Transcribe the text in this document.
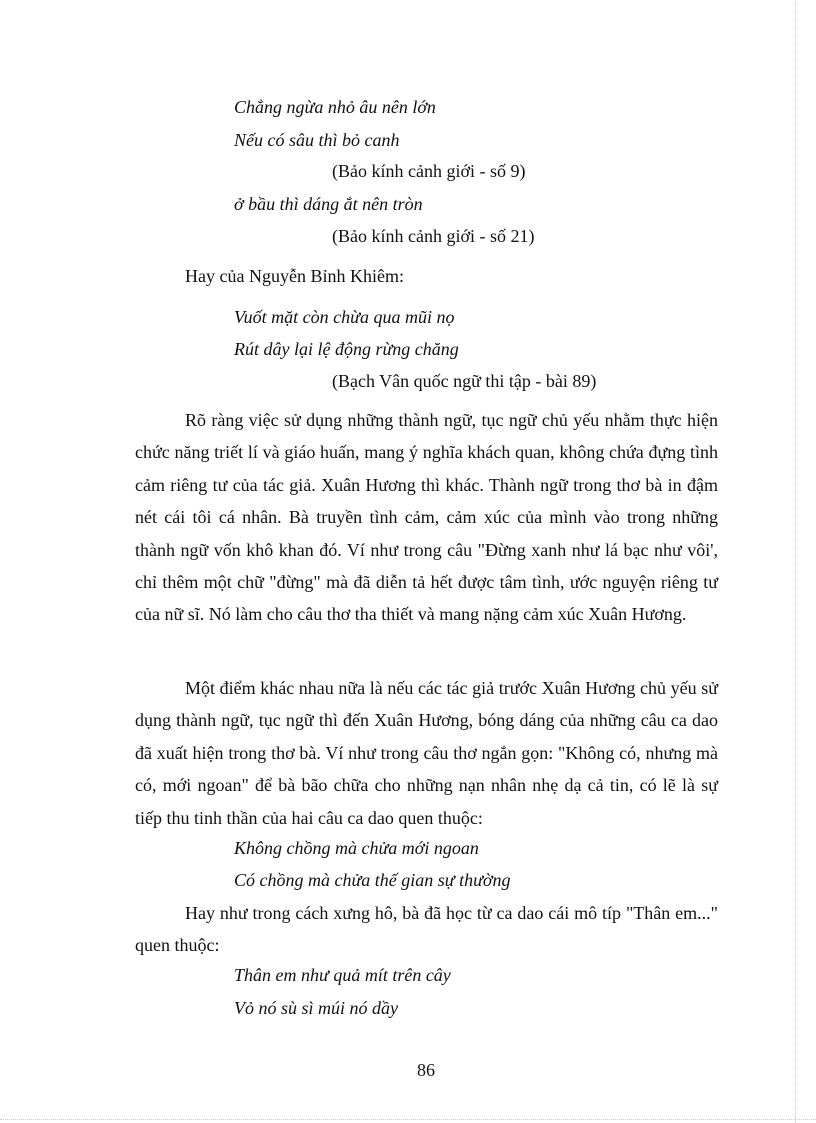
Chẳng ngừa nhỏ âu nên lớn
Nếu có sâu thì bỏ canh
(Bảo kính cảnh giới - số 9)
ở bầu thì dáng ắt nên tròn
(Bảo kính cảnh giới - số 21)
Hay của Nguyễn Bỉnh Khiêm:
Vuốt mặt còn chừa qua mũi nọ
Rút dây lại lệ động rừng chăng
(Bạch Vân quốc ngữ thi tập - bài 89)

Rõ ràng việc sử dụng những thành ngữ, tục ngữ chủ yếu nhằm thực hiện chức năng triết lí và giáo huấn, mang ý nghĩa khách quan, không chứa đựng tình cảm riêng tư của tác giả. Xuân Hương thì khác. Thành ngữ trong thơ bà in đậm nét cái tôi cá nhân. Bà truyền tình cảm, cảm xúc của mình vào trong những thành ngữ vốn khô khan đó. Ví như trong câu "Đừng xanh như lá bạc như vôi', chỉ thêm một chữ "đừng" mà đã diễn tả hết được tâm tình, ước nguyện riêng tư của nữ sĩ. Nó làm cho câu thơ tha thiết và mang nặng cảm xúc Xuân Hương.

Một điểm khác nhau nữa là nếu các tác giả trước Xuân Hương chủ yếu sử dụng thành ngữ, tục ngữ thì đến Xuân Hương, bóng dáng của những câu ca dao đã xuất hiện trong thơ bà. Ví như trong câu thơ ngắn gọn: "Không có, nhưng mà có, mới ngoan" để bà bão chữa cho những nạn nhân nhẹ dạ cả tin, có lẽ là sự tiếp thu tinh thần của hai câu ca dao quen thuộc:

Không chồng mà chửa mới ngoan
Có chồng mà chửa thế gian sự thường

Hay như trong cách xưng hô, bà đã học từ ca dao cái mô típ "Thân em..." quen thuộc:

Thân em như quả mít trên cây
Vỏ nó sù sì múi nó dầy
86
